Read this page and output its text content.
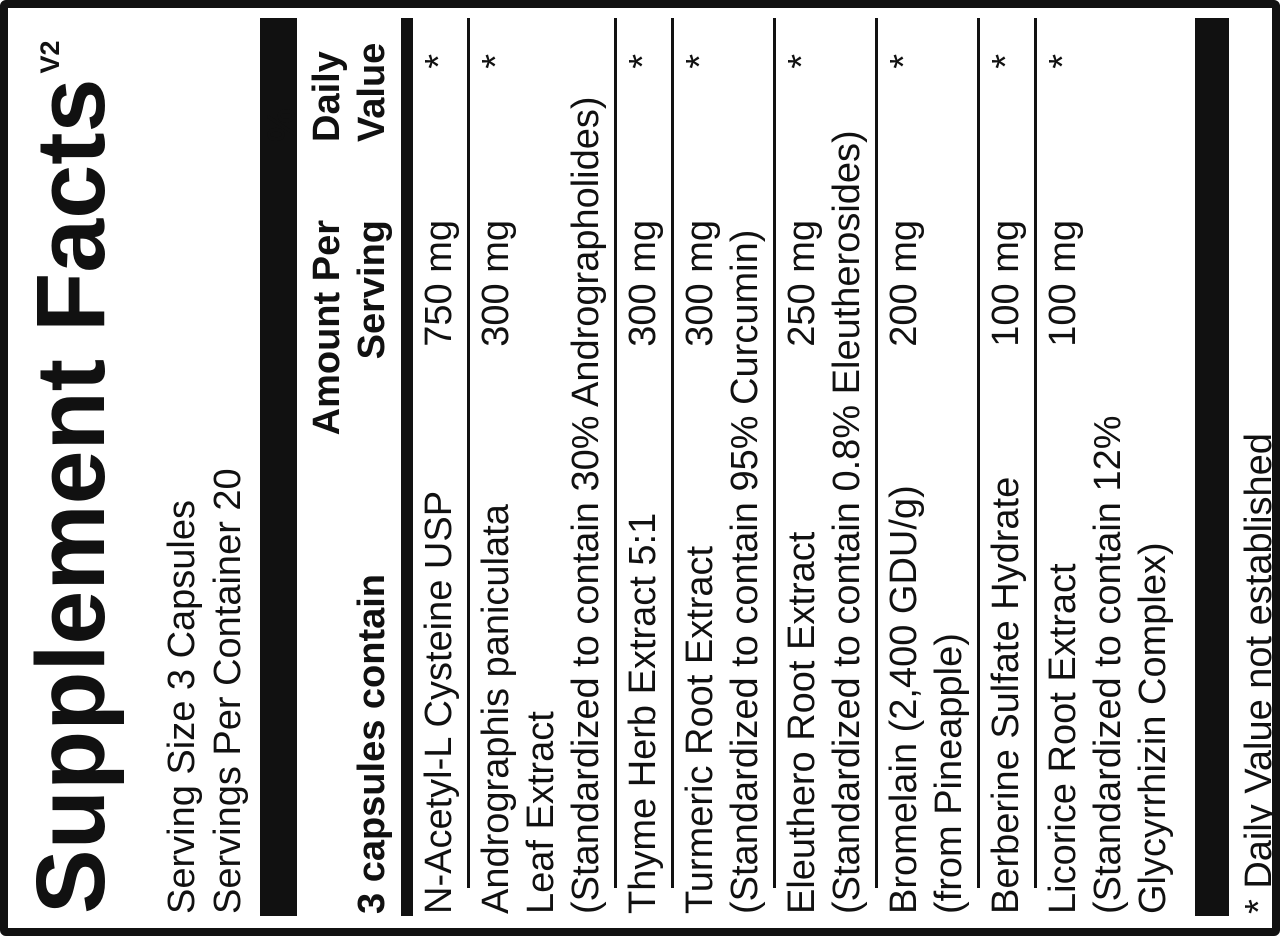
Supplement Facts$^{V2}$
Serving Size 3 Capsules Servings Per Container 20	3 capsules contain
Amount Per Serving
% Daily Value
N-Acetyl-L Cysteine USP
750 mg
*
Andrographis paniculata Leaf Extract (Standardized to contain 30% Andrographolides)
300 mg
*
Thyme Herb Extract 5:1
300 mg
*
Turmeric Root Extract (Standardized to contain 95% Curcumin)
300 mg
*
Eleuthero Root Extract (Standardized to contain 0.8% Eleutherosides)
250 mg
*
Bromelain (2,400 GDU/g) (from Pineapple)
200 mg
*
Berberine Sulfate Hydrate
100 mg
*
Licorice Root Extract (Standardized to contain 12% Glycyrrhizin Complex)
100 mg
*
* Daily Value not established
